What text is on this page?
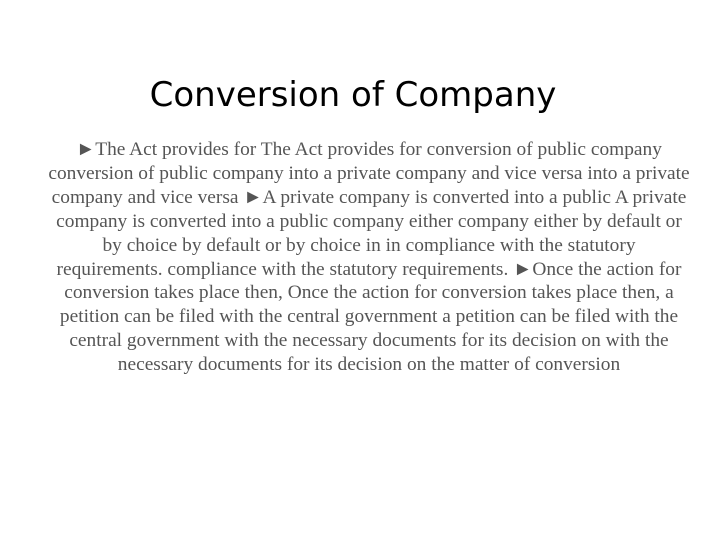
Conversion of Company

►The Act provides for The Act provides for conversion of public company conversion of public company into a private company and vice versa into a private company and vice versa ►A private company is converted into a public A private company is converted into a public company either company either by default or by choice by default or by choice in in compliance with the statutory requirements. compliance with the statutory requirements. ►Once the action for conversion takes place then, Once the action for conversion takes place then, a petition can be filed with the central government a petition can be filed with the central government with the necessary documents for its decision on with the necessary documents for its decision on the matter of conversion
